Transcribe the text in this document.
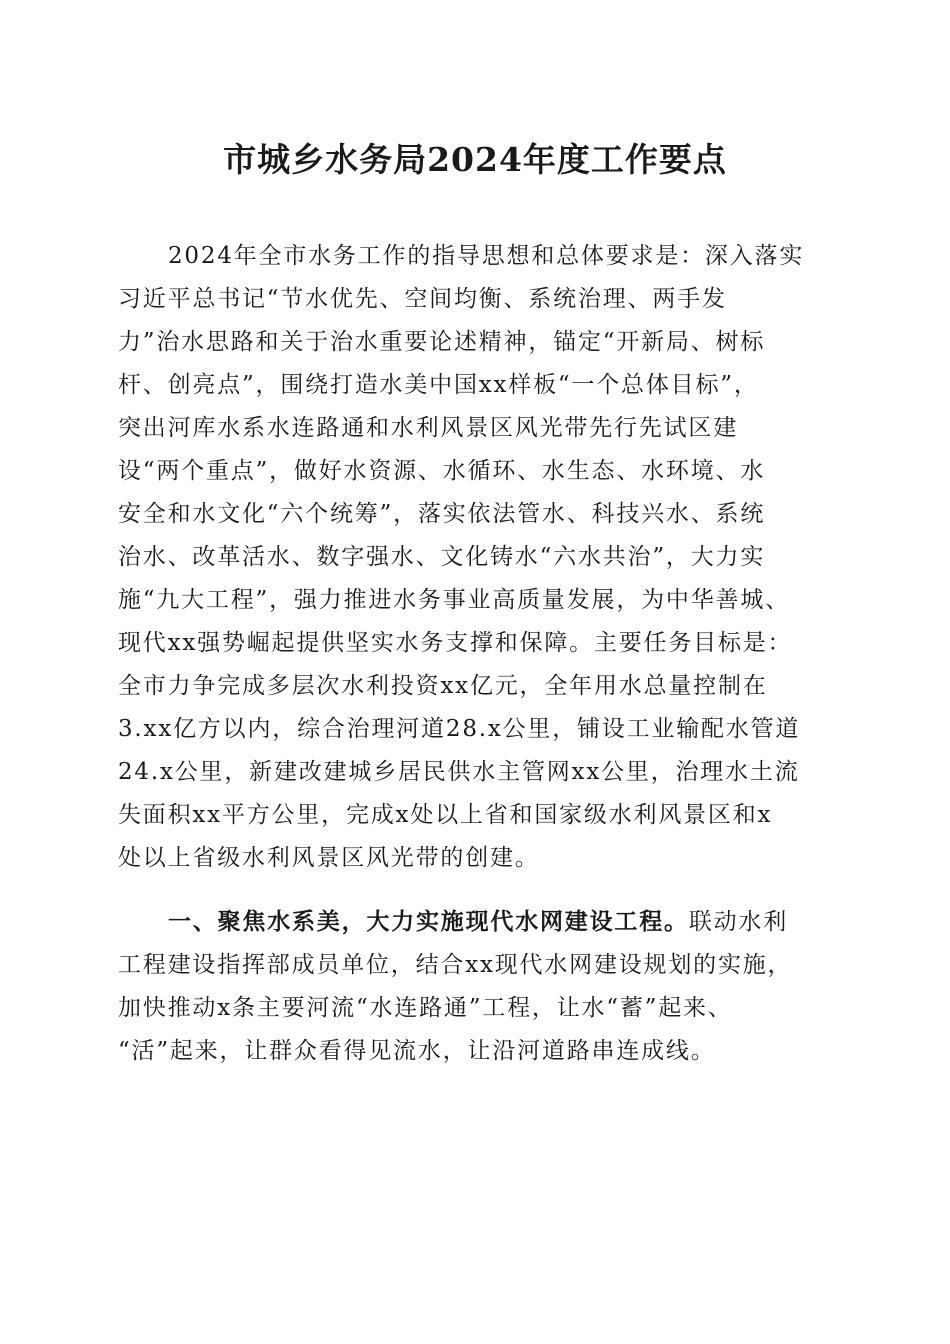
市城乡水务局2024年度工作要点

2024年全市水务工作的指导思想和总体要求是：深入落实

习近平总书记“节水优先、空间均衡、系统治理、两手发

力”治水思路和关于治水重要论述精神，锚定“开新局、树标

杆、创亮点”，围绕打造水美中国xx样板“一个总体目标”，

突出河库水系水连路通和水利风景区风光带先行先试区建

设“两个重点”，做好水资源、水循环、水生态、水环境、水

安全和水文化“六个统筹”，落实依法管水、科技兴水、系统

治水、改革活水、数字强水、文化铸水“六水共治”，大力实

施“九大工程”，强力推进水务事业高质量发展，为中华善城、

现代xx强势崛起提供坚实水务支撑和保障。主要任务目标是：

全市力争完成多层次水利投资xx亿元，全年用水总量控制在

3.xx亿方以内，综合治理河道28.x公里，铺设工业输配水管道

24.x公里，新建改建城乡居民供水主管网xx公里，治理水土流

失面积xx平方公里，完成x处以上省和国家级水利风景区和x

处以上省级水利风景区风光带的创建。

一、聚焦水系美，大力实施现代水网建设工程。联动水利

工程建设指挥部成员单位，结合xx现代水网建设规划的实施，

加快推动x条主要河流“水连路通”工程，让水“蓄”起来、

“活”起来，让群众看得见流水，让沿河道路串连成线。
